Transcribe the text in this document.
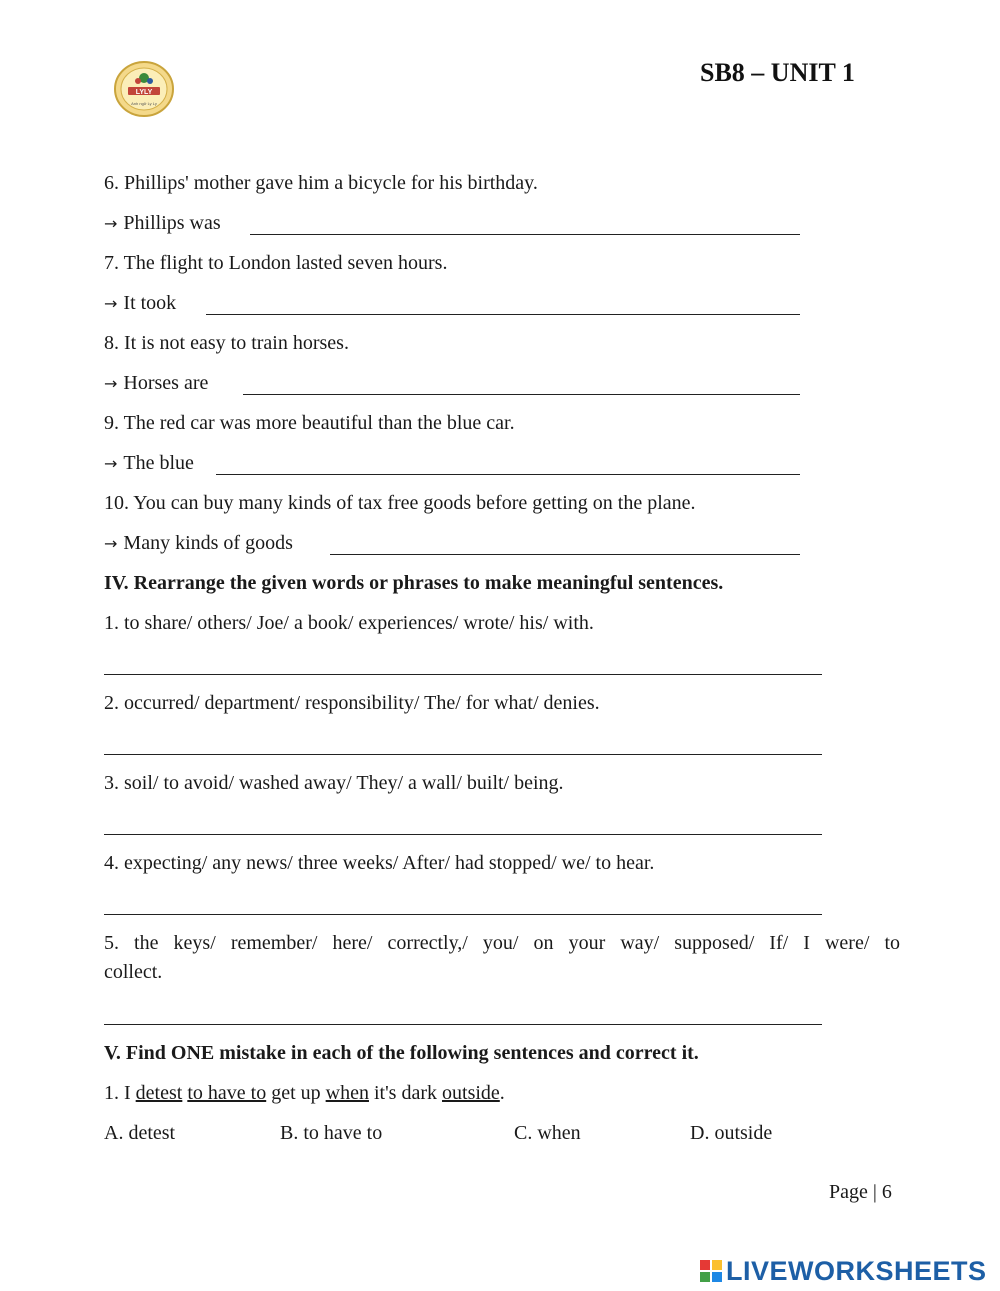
LYLY
Anh ngữ Ly Ly
SB8 – UNIT 1
6. Phillips' mother gave him a bicycle for his birthday.
→ Phillips was
7. The flight to London lasted seven hours.
→ It took
8. It is not easy to train horses.
→ Horses are
9. The red car was more beautiful than the blue car.
→ The blue
10. You can buy many kinds of tax free goods before getting on the plane.
→ Many kinds of goods
IV. Rearrange the given words or phrases to make meaningful sentences.
1. to share/ others/ Joe/ a book/ experiences/ wrote/ his/ with.
2. occurred/ department/ responsibility/ The/ for what/ denies.
3. soil/ to avoid/ washed away/ They/ a wall/ built/ being.
4. expecting/ any news/ three weeks/ After/ had stopped/ we/ to hear.
5. the keys/ remember/ here/ correctly,/ you/ on your way/ supposed/ If/ I were/ to
collect.
V. Find ONE mistake in each of the following sentences and correct it.
1. I detest to have to get up when it's dark outside.
A. detest	B. to have to	C. when	D. outside
Page | 6
LIVEWORKSHEETS
